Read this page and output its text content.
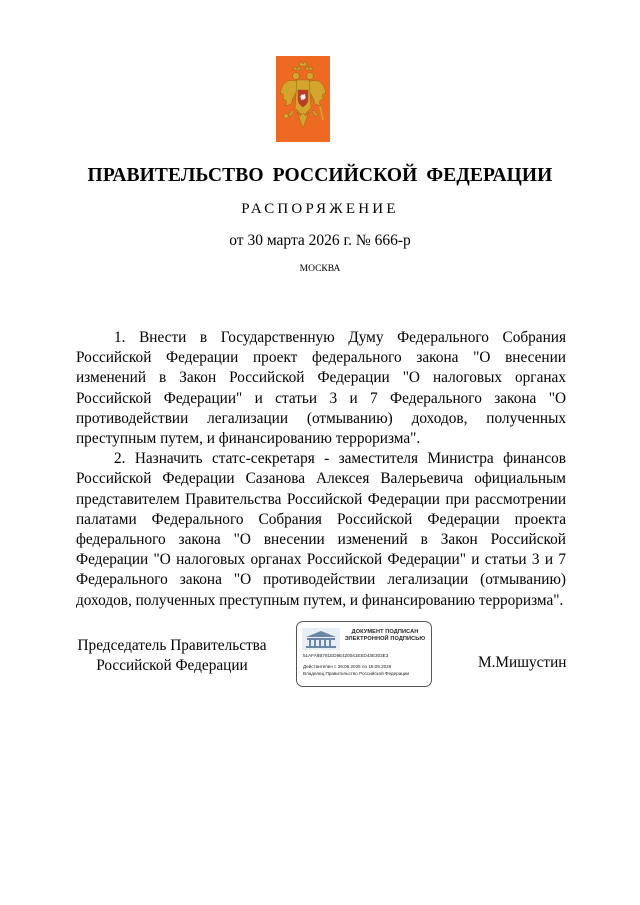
ПРАВИТЕЛЬСТВО РОССИЙСКОЙ ФЕДЕРАЦИИ
РАСПОРЯЖЕНИЕ
от 30 марта 2026 г. № 666-р
МОСКВА

1. Внести в Государственную Думу Федерального Собрания Российской Федерации проект федерального закона "О внесении изменений в Закон Российской Федерации "О налоговых органах Российской Федерации" и статьи 3 и 7 Федерального закона "О противодействии легализации (отмыванию) доходов, полученных преступным путем, и финансированию терроризма".

2. Назначить статс-секретаря - заместителя Министра финансов Российской Федерации Сазанова Алексея Валерьевича официальным представителем Правительства Российской Федерации при рассмотрении палатами Федерального Собрания Российской Федерации проекта федерального закона "О внесении изменений в Закон Российской Федерации "О налоговых органах Российской Федерации" и статьи 3 и 7 Федерального закона "О противодействии легализации (отмыванию) доходов, полученных преступным путем, и финансированию терроризма".

Председатель Правительства
Российской Федерации
ДОКУМЕНТ ПОДПИСАН
ЭЛЕКТРОННОЙ ПОДПИСЬЮ
51AFA8B781ED9E420041EED43E303E3
Действителен с 26.06.2025 по 19.09.2026
Владелец Правительство Российской Федерации
М.Мишустин
